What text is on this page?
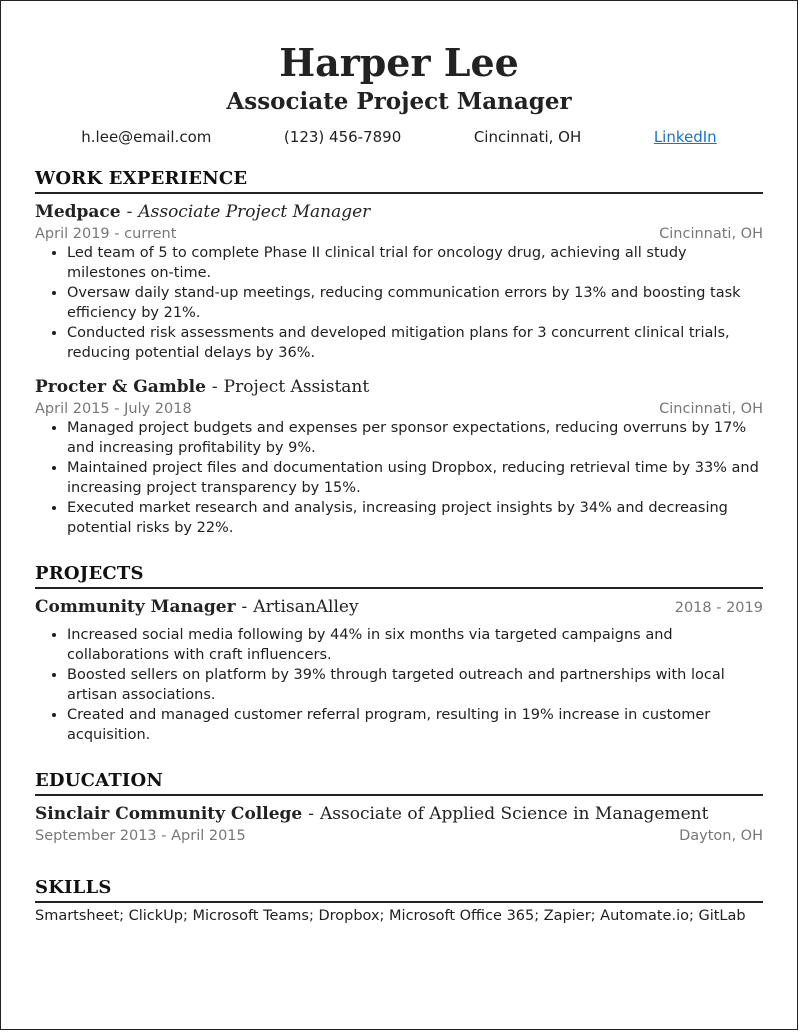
Harper Lee
Associate Project Manager
h.lee@email.com	(123) 456-7890	Cincinnati, OH	LinkedIn
WORK EXPERIENCE
Medpace - Associate Project Manager
April 2019 - current	Cincinnati, OH
• Led team of 5 to complete Phase II clinical trial for oncology drug, achieving all study milestones on-time.
• Oversaw daily stand-up meetings, reducing communication errors by 13% and boosting task efficiency by 21%.
• Conducted risk assessments and developed mitigation plans for 3 concurrent clinical trials, reducing potential delays by 36%.
Procter & Gamble - Project Assistant
April 2015 - July 2018	Cincinnati, OH
• Managed project budgets and expenses per sponsor expectations, reducing overruns by 17% and increasing profitability by 9%.
• Maintained project files and documentation using Dropbox, reducing retrieval time by 33% and increasing project transparency by 15%.
• Executed market research and analysis, increasing project insights by 34% and decreasing potential risks by 22%.
PROJECTS
Community Manager - ArtisanAlley	2018 - 2019
• Increased social media following by 44% in six months via targeted campaigns and collaborations with craft influencers.
• Boosted sellers on platform by 39% through targeted outreach and partnerships with local artisan associations.
• Created and managed customer referral program, resulting in 19% increase in customer acquisition.
EDUCATION
Sinclair Community College - Associate of Applied Science in Management
September 2013 - April 2015	Dayton, OH
SKILLS
Smartsheet; ClickUp; Microsoft Teams; Dropbox; Microsoft Office 365; Zapier; Automate.io; GitLab
